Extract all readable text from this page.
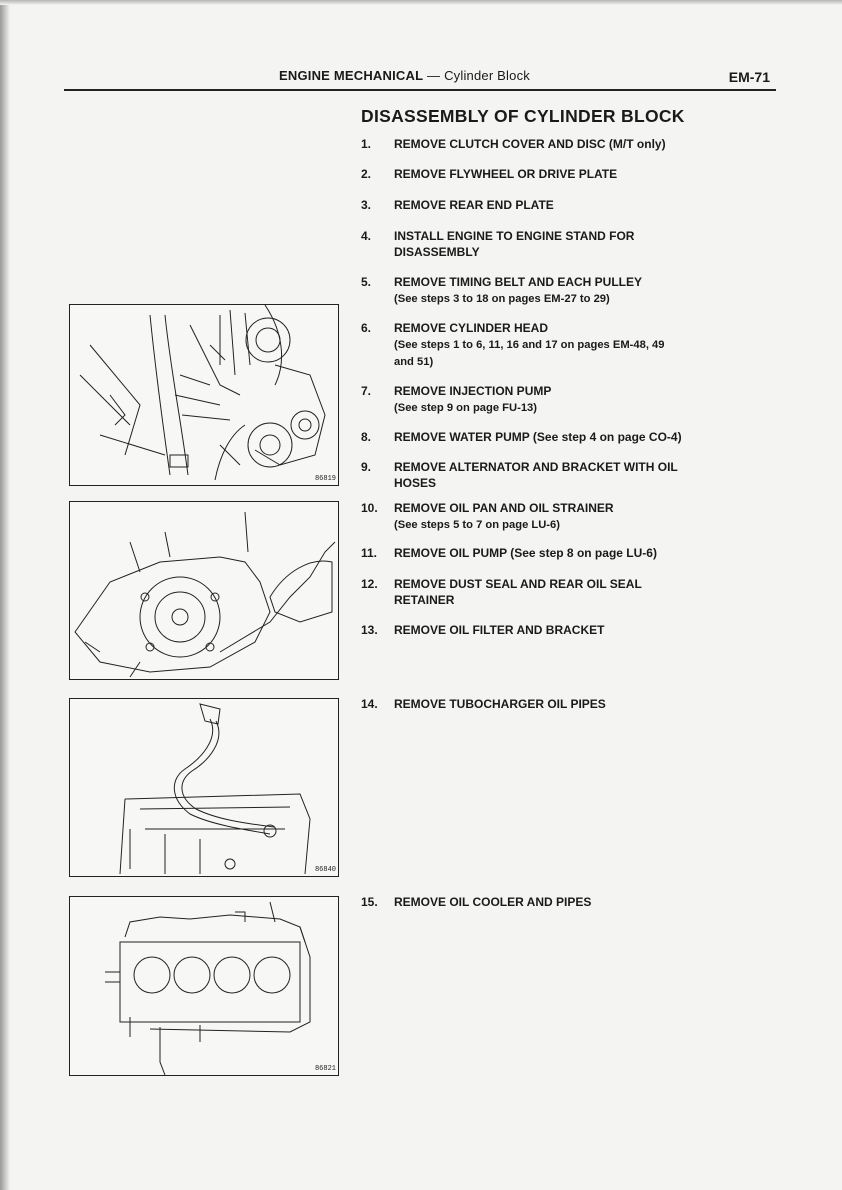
ENGINE MECHANICAL — Cylinder Block	EM-71
DISASSEMBLY OF CYLINDER BLOCK
1.	REMOVE CLUTCH COVER AND DISC (M/T only)
2.	REMOVE FLYWHEEL OR DRIVE PLATE
3.	REMOVE REAR END PLATE
4.	INSTALL ENGINE TO ENGINE STAND FOR
DISASSEMBLY
5.	REMOVE TIMING BELT AND EACH PULLEY
(See steps 3 to 18 on pages EM-27 to 29)
6.	REMOVE CYLINDER HEAD
(See steps 1 to 6, 11, 16 and 17 on pages EM-48, 49
and 51)
7.	REMOVE INJECTION PUMP
(See step 9 on page FU-13)
8.	REMOVE WATER PUMP (See step 4 on page CO-4)
9.	REMOVE ALTERNATOR AND BRACKET WITH OIL
HOSES
10.	REMOVE OIL PAN AND OIL STRAINER
(See steps 5 to 7 on page LU-6)
11.	REMOVE OIL PUMP (See step 8 on page LU-6)
12.	REMOVE DUST SEAL AND REAR OIL SEAL
RETAINER
13.	REMOVE OIL FILTER AND BRACKET
14.	REMOVE TUBOCHARGER OIL PIPES
15.	REMOVE OIL COOLER AND PIPES
86819
86840
86821
